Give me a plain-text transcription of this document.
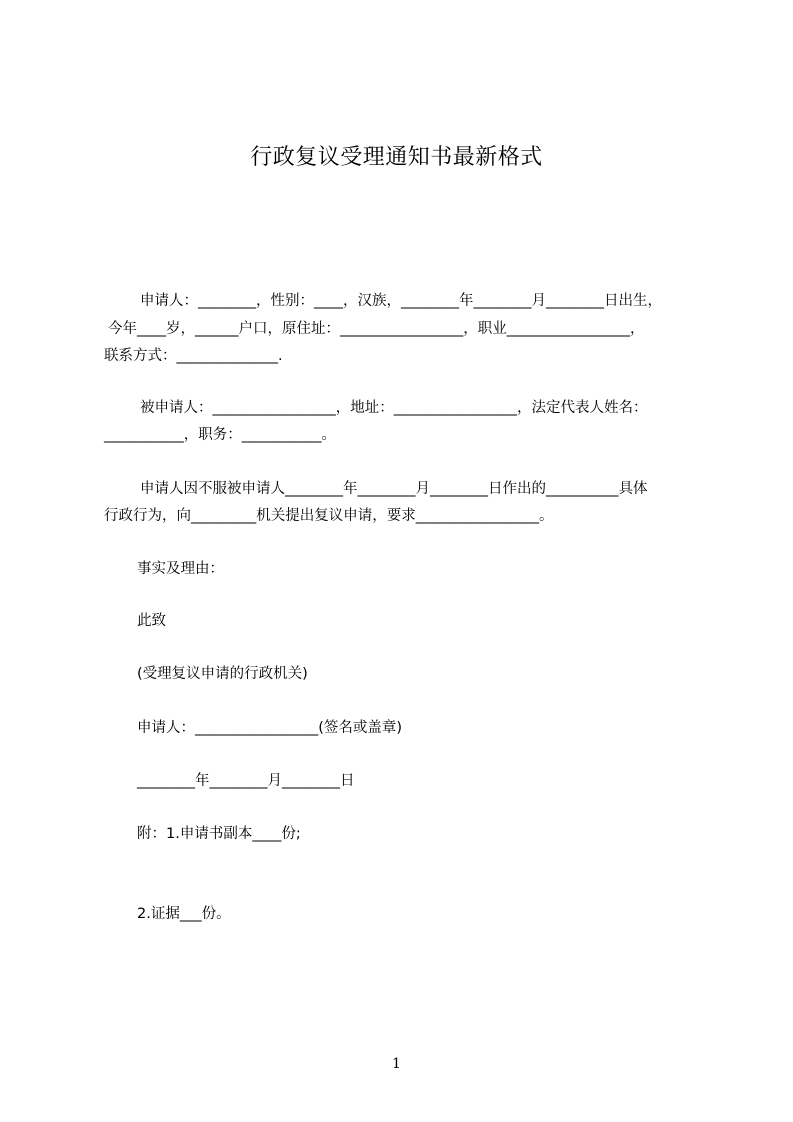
行政复议受理通知书最新格式
申请人：________，性别：____，汉族，________年________月________日出生，
今年____岁，______户口，原住址：_________________，职业_________________，
联系方式：______________.
被申请人：_________________，地址：_________________，法定代表人姓名：
___________，职务：___________。
申请人因不服被申请人________年________月________日作出的__________具体
行政行为，向_________机关提出复议申请，要求_________________。
事实及理由：
此致
(受理复议申请的行政机关)
申请人：_________________(签名或盖章)
________年________月________日
附：1.申请书副本____份;
2.证据___份。
1
